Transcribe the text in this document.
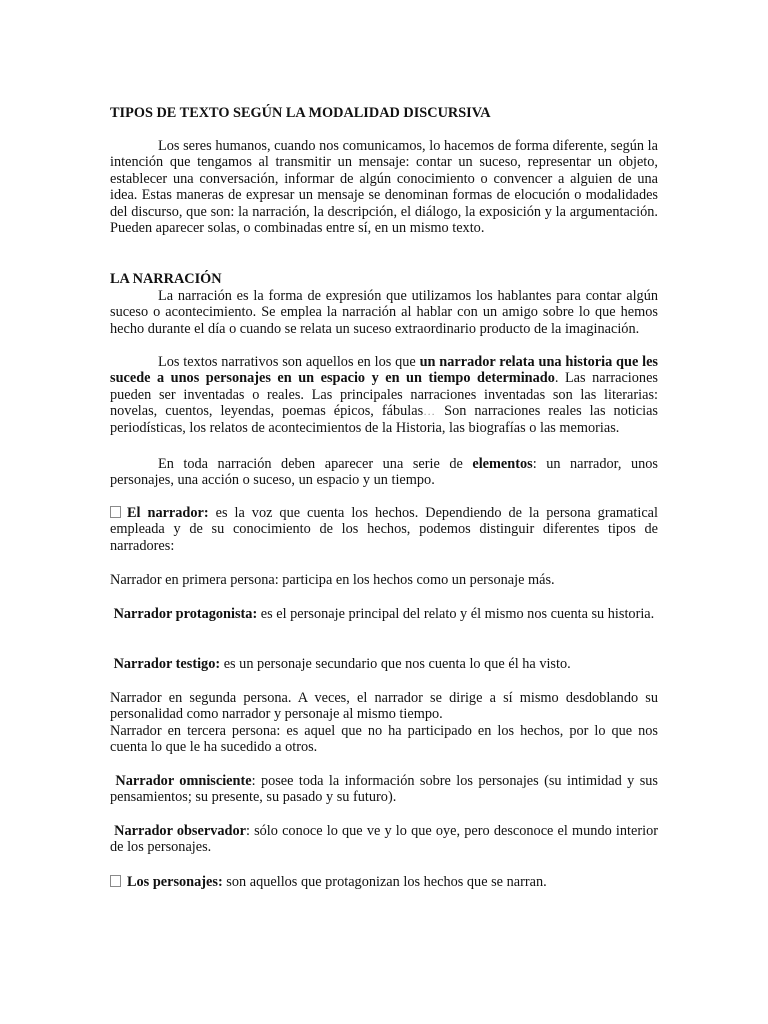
TIPOS DE TEXTO SEGÚN LA MODALIDAD DISCURSIVA
Los seres humanos, cuando nos comunicamos, lo hacemos de forma diferente, según la intención que tengamos al transmitir un mensaje: contar un suceso, representar un objeto, establecer una conversación, informar de algún conocimiento o convencer a alguien de una idea. Estas maneras de expresar un mensaje se denominan formas de elocución o modalidades del discurso, que son: la narración, la descripción, el diálogo, la exposición y la argumentación. Pueden aparecer solas, o combinadas entre sí, en un mismo texto.
LA NARRACIÓN
La narración es la forma de expresión que utilizamos los hablantes para contar algún suceso o acontecimiento. Se emplea la narración al hablar con un amigo sobre lo que hemos hecho durante el día o cuando se relata un suceso extraordinario producto de la imaginación.
Los textos narrativos son aquellos en los que un narrador relata una historia que les sucede a unos personajes en un espacio y en un tiempo determinado. Las narraciones pueden ser inventadas o reales. Las principales narraciones inventadas son las literarias: novelas, cuentos, leyendas, poemas épicos, fábulas… Son narraciones reales las noticias periodísticas, los relatos de acontecimientos de la Historia, las biografías o las memorias.
En toda narración deben aparecer una serie de elementos: un narrador, unos personajes, una acción o suceso, un espacio y un tiempo.
El narrador: es la voz que cuenta los hechos. Dependiendo de la persona gramatical empleada y de su conocimiento de los hechos, podemos distinguir diferentes tipos de narradores:
Narrador en primera persona: participa en los hechos como un personaje más.
Narrador protagonista: es el personaje principal del relato y él mismo nos cuenta su historia.
Narrador testigo: es un personaje secundario que nos cuenta lo que él ha visto.
Narrador en segunda persona. A veces, el narrador se dirige a sí mismo desdoblando su personalidad como narrador y personaje al mismo tiempo.
Narrador en tercera persona: es aquel que no ha participado en los hechos, por lo que nos cuenta lo que le ha sucedido a otros.
Narrador omnisciente: posee toda la información sobre los personajes (su intimidad y sus pensamientos; su presente, su pasado y su futuro).
Narrador observador: sólo conoce lo que ve y lo que oye, pero desconoce el mundo interior de los personajes.
Los personajes: son aquellos que protagonizan los hechos que se narran.
